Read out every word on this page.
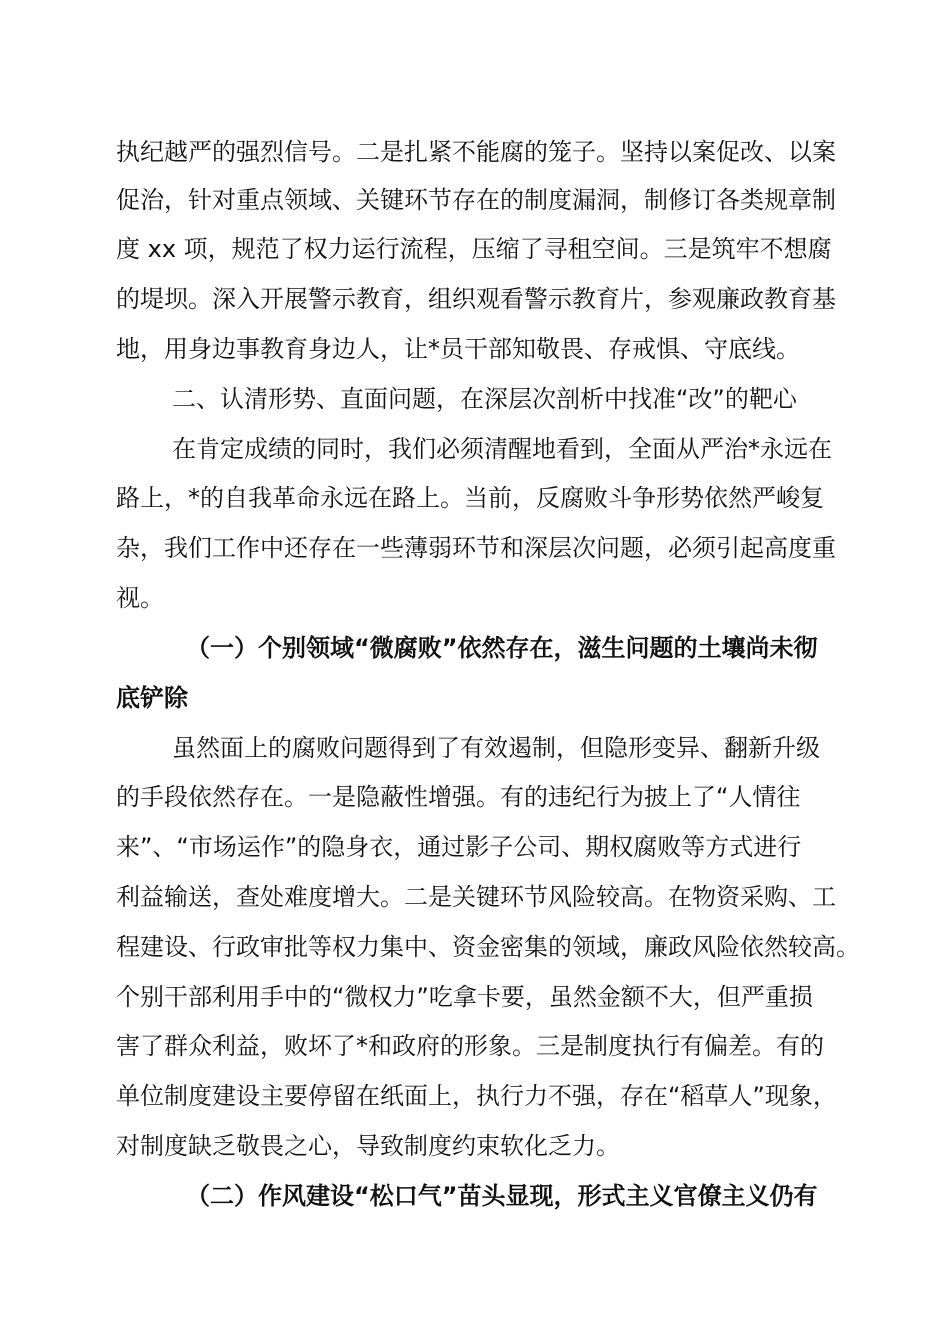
执纪越严的强烈信号。二是扎紧不能腐的笼子。坚持以案促改、以案
促治，针对重点领域、关键环节存在的制度漏洞，制修订各类规章制
度 xx 项，规范了权力运行流程，压缩了寻租空间。三是筑牢不想腐
的堤坝。深入开展警示教育，组织观看警示教育片，参观廉政教育基
地，用身边事教育身边人，让*员干部知敬畏、存戒惧、守底线。
二、认清形势、直面问题，在深层次剖析中找准“改”的靶心
在肯定成绩的同时，我们必须清醒地看到，全面从严治*永远在
路上，*的自我革命永远在路上。当前，反腐败斗争形势依然严峻复
杂，我们工作中还存在一些薄弱环节和深层次问题，必须引起高度重
视。
（一）个别领域“微腐败”依然存在，滋生问题的土壤尚未彻
底铲除
虽然面上的腐败问题得到了有效遏制，但隐形变异、翻新升级
的手段依然存在。一是隐蔽性增强。有的违纪行为披上了“人情往
来”、“市场运作”的隐身衣，通过影子公司、期权腐败等方式进行
利益输送，查处难度增大。二是关键环节风险较高。在物资采购、工
程建设、行政审批等权力集中、资金密集的领域，廉政风险依然较高。
个别干部利用手中的“微权力”吃拿卡要，虽然金额不大，但严重损
害了群众利益，败坏了*和政府的形象。三是制度执行有偏差。有的
单位制度建设主要停留在纸面上，执行力不强，存在“稻草人”现象，
对制度缺乏敬畏之心，导致制度约束软化乏力。
（二）作风建设“松口气”苗头显现，形式主义官僚主义仍有
